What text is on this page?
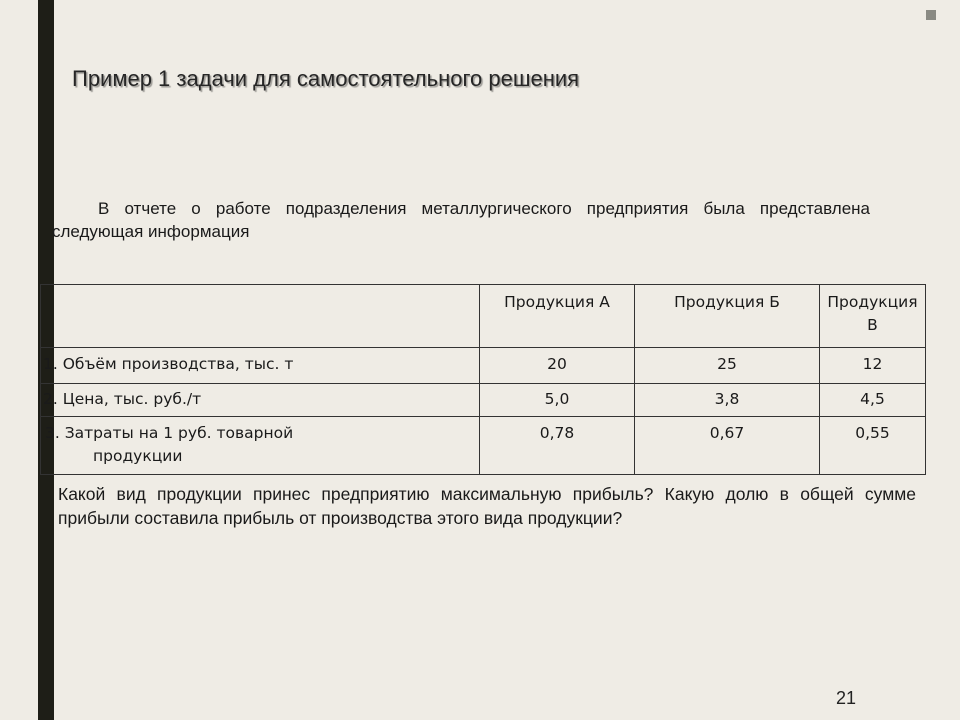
Пример 1 задачи для самостоятельного решения

В отчете о работе подразделения металлургического предприятия была представлена следующая информация

	Продукция А	Продукция Б	Продукция В
1. Объём производства, тыс. т	20	25	12
2. Цена, тыс. руб./т	5,0	3,8	4,5
3. Затраты на 1 руб. товарной
продукции	0,78	0,67	0,55

Какой вид продукции принес предприятию максимальную прибыль? Какую долю в общей сумме прибыли составила прибыль от производства этого вида продукции?

21
